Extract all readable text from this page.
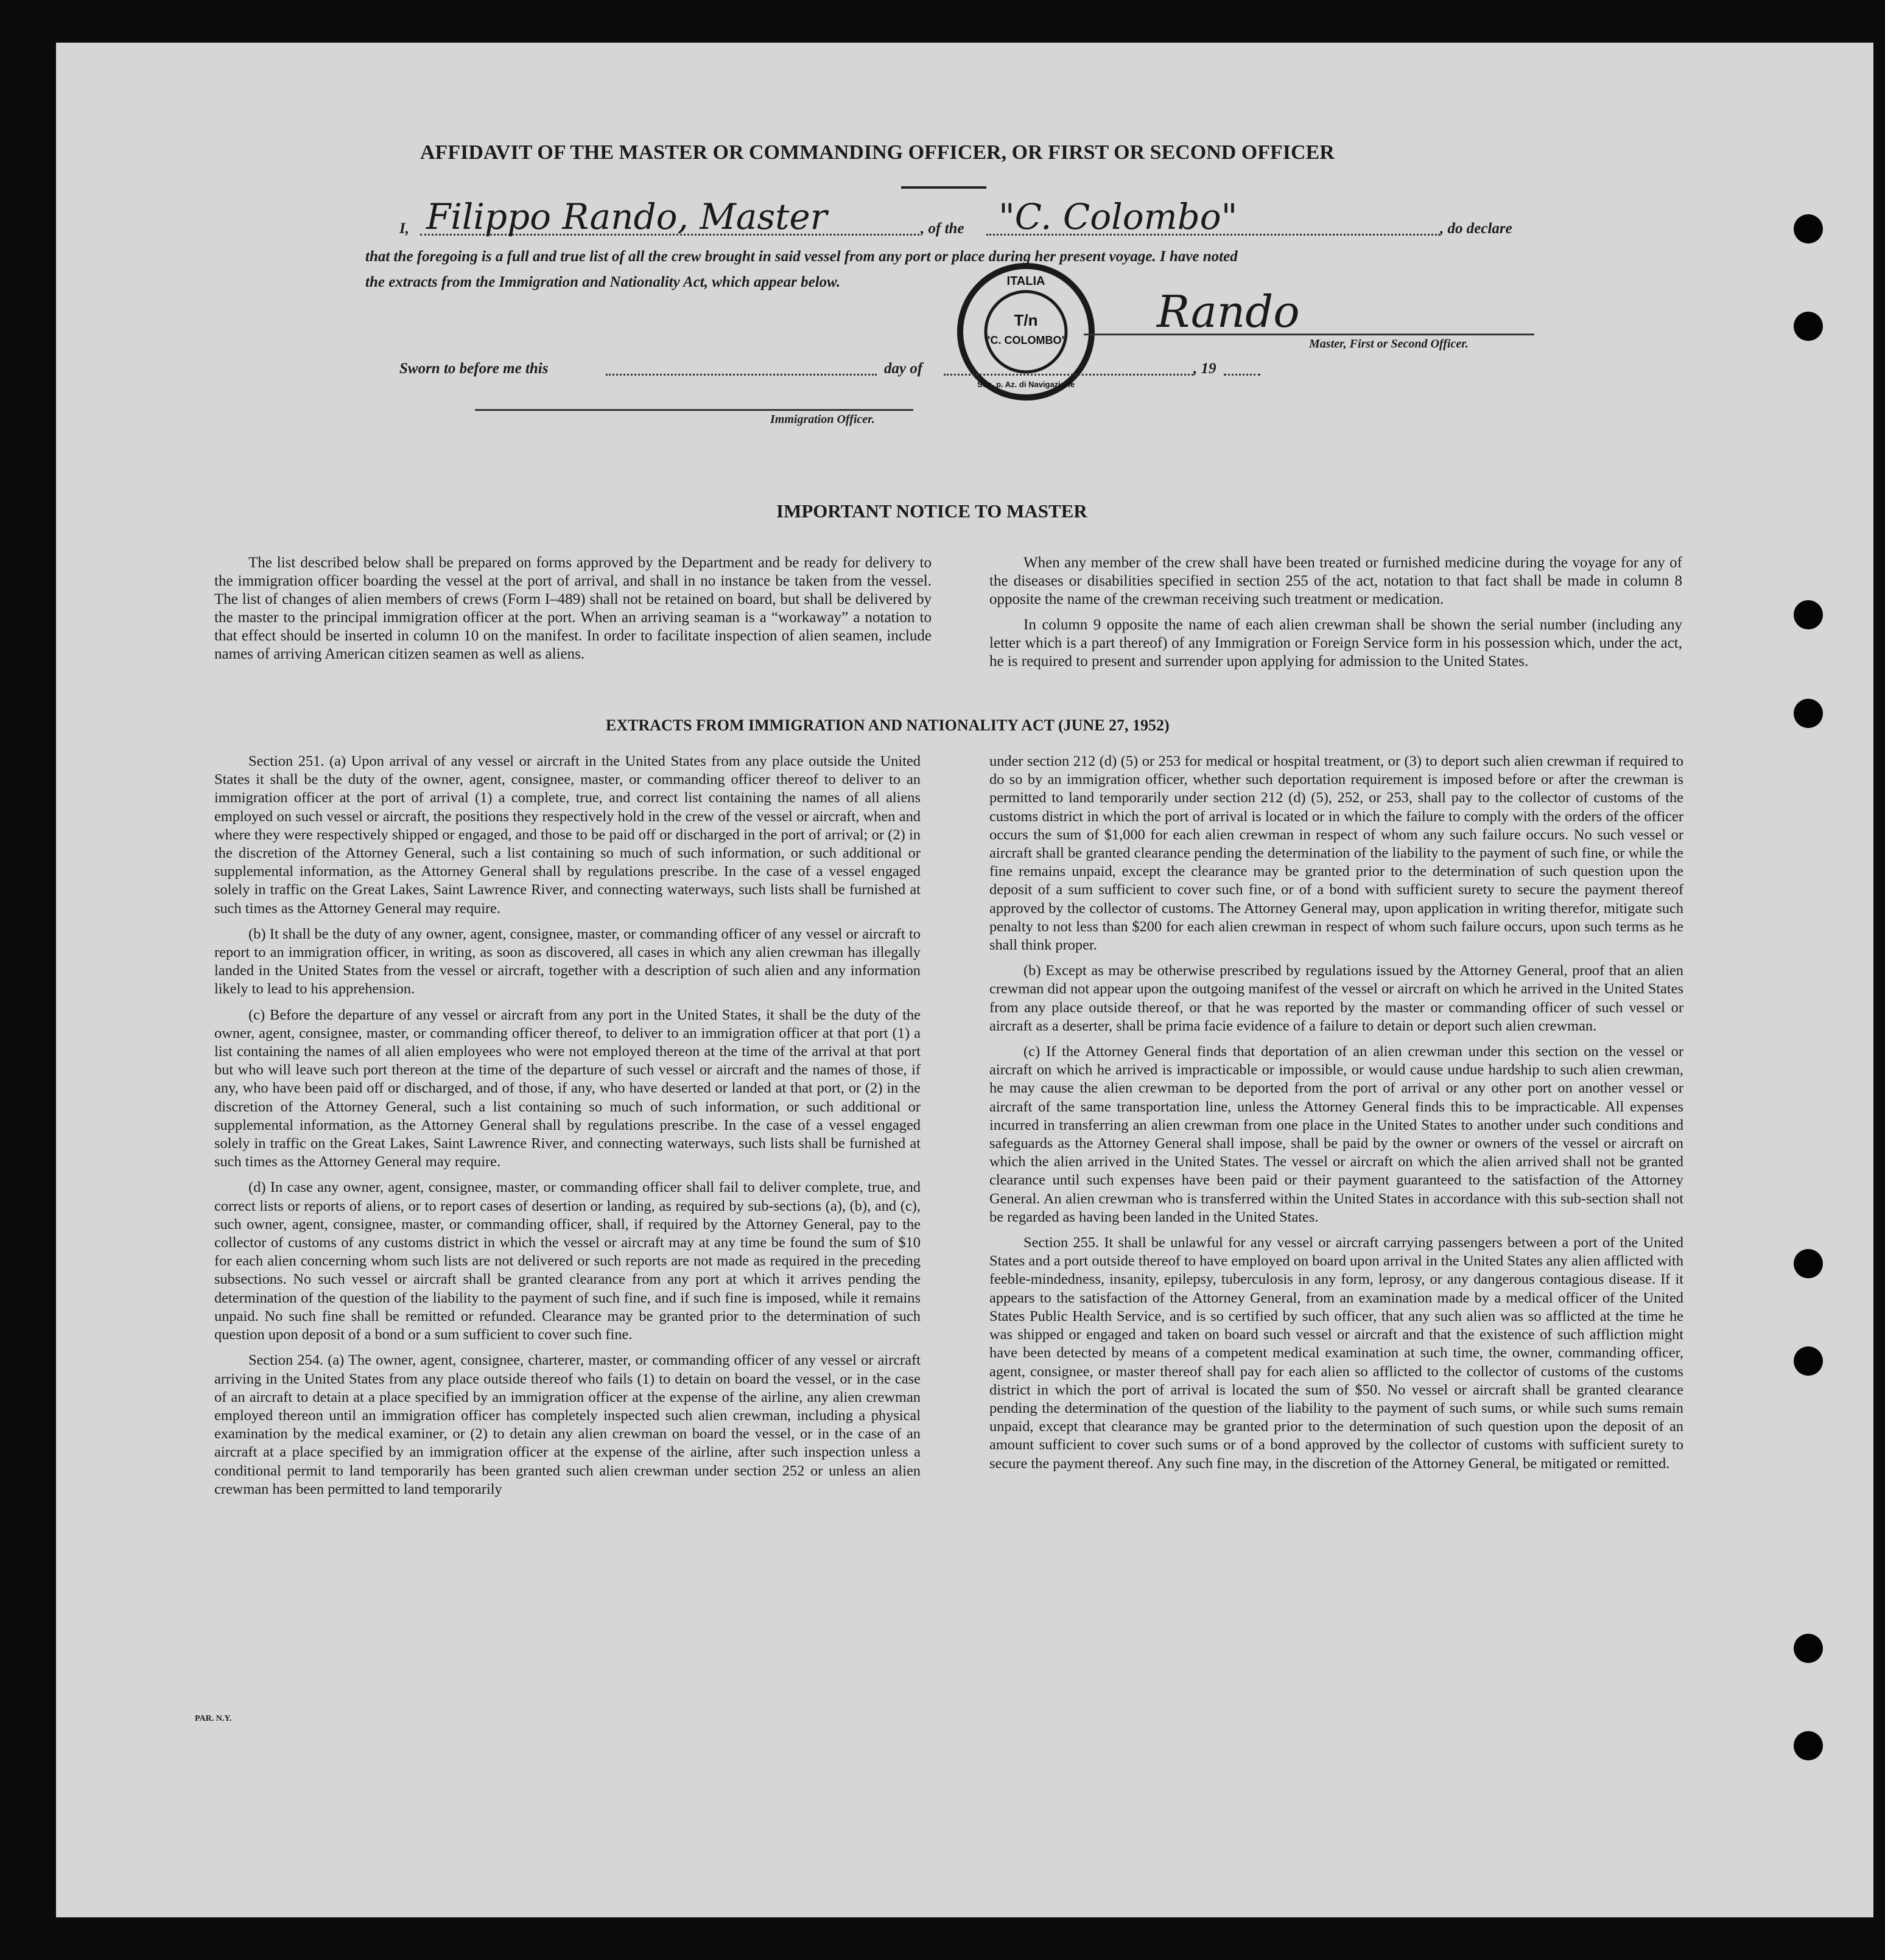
AFFIDAVIT OF THE MASTER OR COMMANDING OFFICER, OR FIRST OR SECOND OFFICER
I, Filippo Rando, Master	, of the "C. Colombo"	, do declare
that the foregoing is a full and true list of all the crew brought in said vessel from any port or place during her present voyage. I have noted
the extracts from the Immigration and Nationality Act, which appear below.	ITALIA
T/n
"C. COLOMBO"
Soc. p. Az. di Navigazione
Rando
Master, First or Second Officer.
Sworn to before me this	day of	, 19
Immigration Officer.
IMPORTANT NOTICE TO MASTER

The list described below shall be prepared on forms approved by the Department and be ready for delivery to the immigration officer boarding the vessel at the port of arrival, and shall in no instance be taken from the vessel. The list of changes of alien members of crews (Form I–489) shall not be retained on board, but shall be delivered by the master to the principal immigration officer at the port. When an arriving seaman is a “workaway” a notation to that effect should be inserted in column 10 on the manifest. In order to facilitate inspection of alien seamen, include names of arriving American citizen seamen as well as aliens.

When any member of the crew shall have been treated or furnished medicine during the voyage for any of the diseases or disabilities specified in section 255 of the act, notation to that fact shall be made in column 8 opposite the name of the crewman receiving such treatment or medication.

In column 9 opposite the name of each alien crewman shall be shown the serial number (including any letter which is a part thereof) of any Immigration or Foreign Service form in his possession which, under the act, he is required to present and surrender upon applying for admission to the United States.

EXTRACTS FROM IMMIGRATION AND NATIONALITY ACT (JUNE 27, 1952)

Section 251. (a) Upon arrival of any vessel or aircraft in the United States from any place outside the United States it shall be the duty of the owner, agent, consignee, master, or commanding officer thereof to deliver to an immigration officer at the port of arrival (1) a complete, true, and correct list containing the names of all aliens employed on such vessel or aircraft, the positions they respectively hold in the crew of the vessel or aircraft, when and where they were respectively shipped or engaged, and those to be paid off or discharged in the port of arrival; or (2) in the discretion of the Attorney General, such a list containing so much of such information, or such additional or supplemental information, as the Attorney General shall by regulations prescribe. In the case of a vessel engaged solely in traffic on the Great Lakes, Saint Lawrence River, and connecting waterways, such lists shall be furnished at such times as the Attorney General may require.

(b) It shall be the duty of any owner, agent, consignee, master, or commanding officer of any vessel or aircraft to report to an immigration officer, in writing, as soon as discovered, all cases in which any alien crewman has illegally landed in the United States from the vessel or aircraft, together with a description of such alien and any information likely to lead to his apprehension.

(c) Before the departure of any vessel or aircraft from any port in the United States, it shall be the duty of the owner, agent, consignee, master, or commanding officer thereof, to deliver to an immigration officer at that port (1) a list containing the names of all alien employees who were not employed thereon at the time of the arrival at that port but who will leave such port thereon at the time of the departure of such vessel or aircraft and the names of those, if any, who have been paid off or discharged, and of those, if any, who have deserted or landed at that port, or (2) in the discretion of the Attorney General, such a list containing so much of such information, or such additional or supplemental information, as the Attorney General shall by regulations prescribe. In the case of a vessel engaged solely in traffic on the Great Lakes, Saint Lawrence River, and connecting waterways, such lists shall be furnished at such times as the Attorney General may require.

(d) In case any owner, agent, consignee, master, or commanding officer shall fail to deliver complete, true, and correct lists or reports of aliens, or to report cases of desertion or landing, as required by sub-sections (a), (b), and (c), such owner, agent, consignee, master, or commanding officer, shall, if required by the Attorney General, pay to the collector of customs of any customs district in which the vessel or aircraft may at any time be found the sum of $10 for each alien concerning whom such lists are not delivered or such reports are not made as required in the preceding subsections. No such vessel or aircraft shall be granted clearance from any port at which it arrives pending the determination of the question of the liability to the payment of such fine, and if such fine is imposed, while it remains unpaid. No such fine shall be remitted or refunded. Clearance may be granted prior to the determination of such question upon deposit of a bond or a sum sufficient to cover such fine.

Section 254. (a) The owner, agent, consignee, charterer, master, or commanding officer of any vessel or aircraft arriving in the United States from any place outside thereof who fails (1) to detain on board the vessel, or in the case of an aircraft to detain at a place specified by an immigration officer at the expense of the airline, any alien crewman employed thereon until an immigration officer has completely inspected such alien crewman, including a physical examination by the medical examiner, or (2) to detain any alien crewman on board the vessel, or in the case of an aircraft at a place specified by an immigration officer at the expense of the airline, after such inspection unless a conditional permit to land temporarily has been granted such alien crewman under section 252 or unless an alien crewman has been permitted to land temporarily

under section 212 (d) (5) or 253 for medical or hospital treatment, or (3) to deport such alien crewman if required to do so by an immigration officer, whether such deportation requirement is imposed before or after the crewman is permitted to land temporarily under section 212 (d) (5), 252, or 253, shall pay to the collector of customs of the customs district in which the port of arrival is located or in which the failure to comply with the orders of the officer occurs the sum of $1,000 for each alien crewman in respect of whom any such failure occurs. No such vessel or aircraft shall be granted clearance pending the determination of the liability to the payment of such fine, or while the fine remains unpaid, except the clearance may be granted prior to the determination of such question upon the deposit of a sum sufficient to cover such fine, or of a bond with sufficient surety to secure the payment thereof approved by the collector of customs. The Attorney General may, upon application in writing therefor, mitigate such penalty to not less than $200 for each alien crewman in respect of whom such failure occurs, upon such terms as he shall think proper.

(b) Except as may be otherwise prescribed by regulations issued by the Attorney General, proof that an alien crewman did not appear upon the outgoing manifest of the vessel or aircraft on which he arrived in the United States from any place outside thereof, or that he was reported by the master or commanding officer of such vessel or aircraft as a deserter, shall be prima facie evidence of a failure to detain or deport such alien crewman.

(c) If the Attorney General finds that deportation of an alien crewman under this section on the vessel or aircraft on which he arrived is impracticable or impossible, or would cause undue hardship to such alien crewman, he may cause the alien crewman to be deported from the port of arrival or any other port on another vessel or aircraft of the same transportation line, unless the Attorney General finds this to be impracticable. All expenses incurred in transferring an alien crewman from one place in the United States to another under such conditions and safeguards as the Attorney General shall impose, shall be paid by the owner or owners of the vessel or aircraft on which the alien arrived in the United States. The vessel or aircraft on which the alien arrived shall not be granted clearance until such expenses have been paid or their payment guaranteed to the satisfaction of the Attorney General. An alien crewman who is transferred within the United States in accordance with this sub-section shall not be regarded as having been landed in the United States.

Section 255. It shall be unlawful for any vessel or aircraft carrying passengers between a port of the United States and a port outside thereof to have employed on board upon arrival in the United States any alien afflicted with feeble-mindedness, insanity, epilepsy, tuberculosis in any form, leprosy, or any dangerous contagious disease. If it appears to the satisfaction of the Attorney General, from an examination made by a medical officer of the United States Public Health Service, and is so certified by such officer, that any such alien was so afflicted at the time he was shipped or engaged and taken on board such vessel or aircraft and that the existence of such affliction might have been detected by means of a competent medical examination at such time, the owner, commanding officer, agent, consignee, or master thereof shall pay for each alien so afflicted to the collector of customs of the customs district in which the port of arrival is located the sum of $50. No vessel or aircraft shall be granted clearance pending the determination of the question of the liability to the payment of such sums, or while such sums remain unpaid, except that clearance may be granted prior to the determination of such question upon the deposit of an amount sufficient to cover such sums or of a bond approved by the collector of customs with sufficient surety to secure the payment thereof. Any such fine may, in the discretion of the Attorney General, be mitigated or remitted.

PAR. N.Y.
